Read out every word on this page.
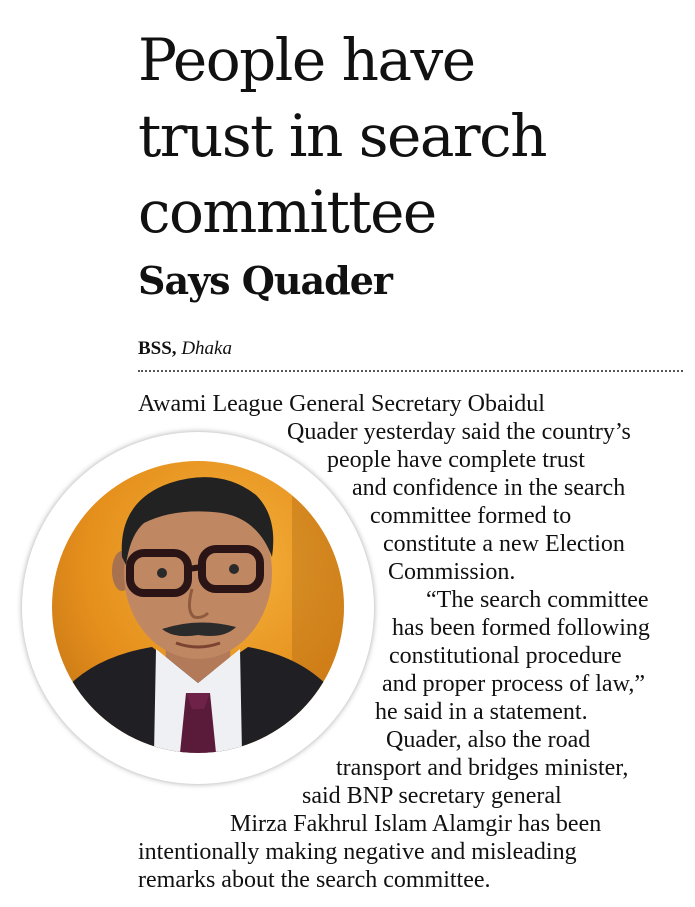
People have
trust in search
committee
Says Quader
BSS, Dhaka
Awami League General Secretary Obaidul
Quader yesterday said the country’s
people have complete trust
and confidence in the search
committee formed to
constitute a new Election
Commission.
“The search committee
has been formed following
constitutional procedure
and proper process of law,”
he said in a statement.
Quader, also the road
transport and bridges minister,
said BNP secretary general
Mirza Fakhrul Islam Alamgir has been
intentionally making negative and misleading
remarks about the search committee.
